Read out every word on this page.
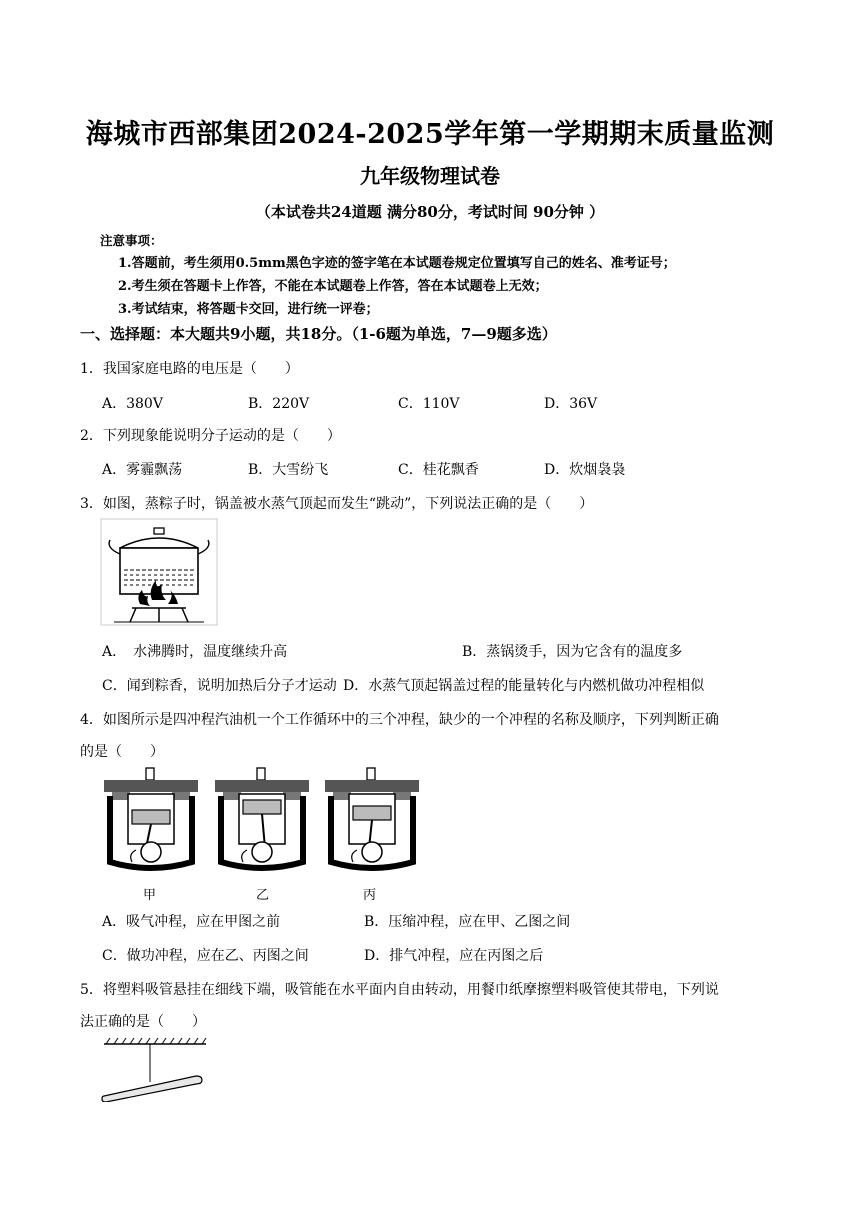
海城市西部集团2024-2025学年第一学期期末质量监测
九年级物理试卷
（本试卷共24道题 满分80分，考试时间 90分钟 ）
注意事项：
1.答题前，考生须用0.5mm黑色字迹的签字笔在本试题卷规定位置填写自己的姓名、准考证号；
2.考生须在答题卡上作答，不能在本试题卷上作答，答在本试题卷上无效；
3.考试结束，将答题卡交回，进行统一评卷；
一、选择题：本大题共9小题，共18分。（1-6题为单选，7—9题多选）
1．我国家庭电路的电压是（　　）
A．380V	B．220V	C．110V	D．36V
2．下列现象能说明分子运动的是（　　）
A．雾霾飘荡	B．大雪纷飞	C．桂花飘香	D．炊烟袅袅
3．如图，蒸粽子时，锅盖被水蒸气顶起而发生“跳动”，下列说法正确的是（　　）
A．　水沸腾时，温度继续升高	B．蒸锅烫手，因为它含有的温度多
C．闻到粽香，说明加热后分子才运动 D．水蒸气顶起锅盖过程的能量转化与内燃机做功冲程相似
4．如图所示是四冲程汽油机一个工作循环中的三个冲程，缺少的一个冲程的名称及顺序，下列判断正确
的是（　　）
甲	乙	丙
A．吸气冲程，应在甲图之前	B．压缩冲程，应在甲、乙图之间
C．做功冲程，应在乙、丙图之间	D．排气冲程，应在丙图之后
5．将塑料吸管悬挂在细线下端，吸管能在水平面内自由转动，用餐巾纸摩擦塑料吸管使其带电，下列说
法正确的是（　　）
